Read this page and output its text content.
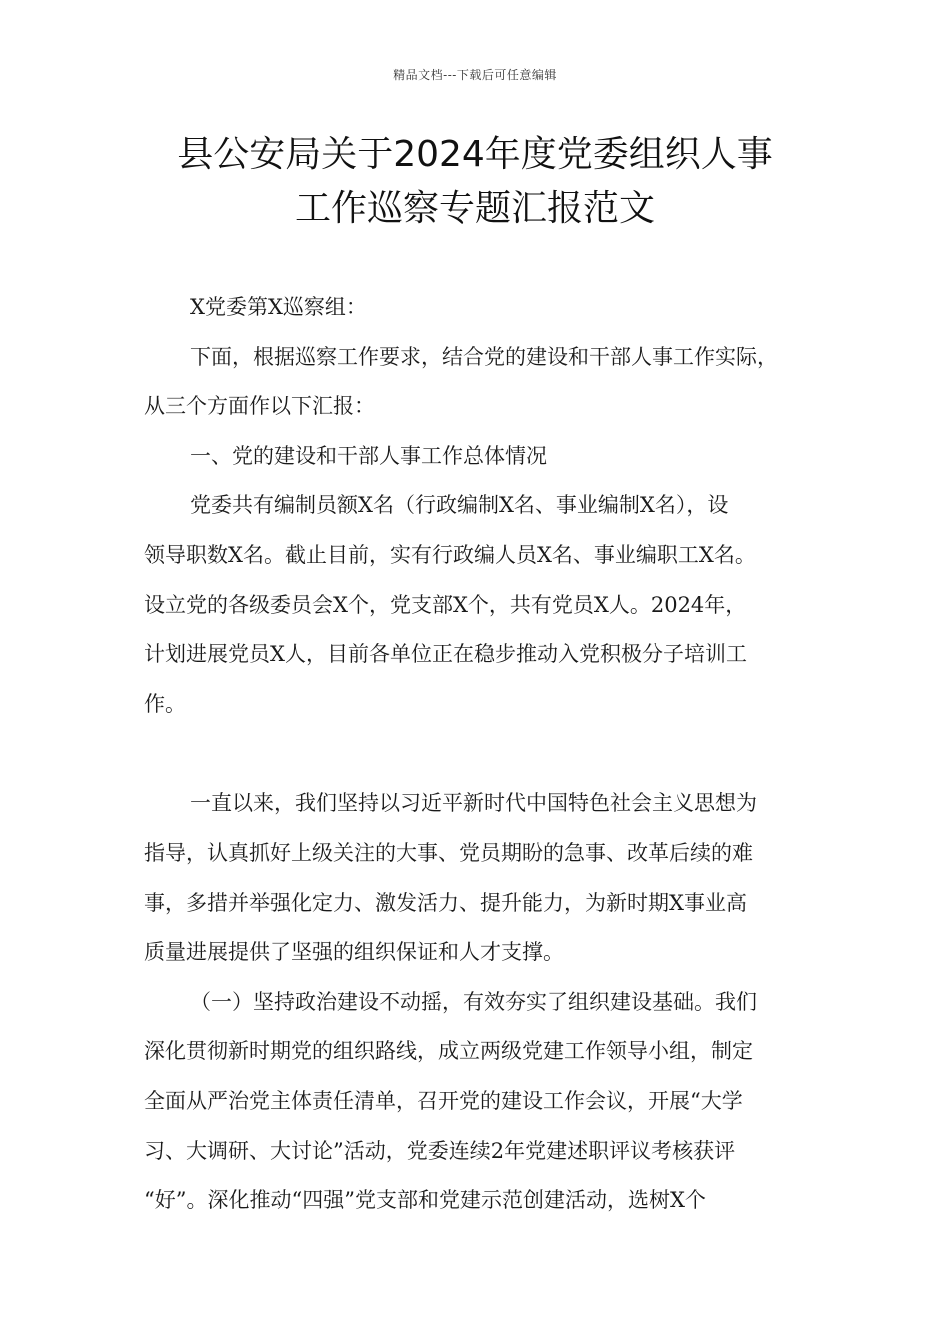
精品文档---下载后可任意编辑
县公安局关于2024年度党委组织人事
工作巡察专题汇报范文

X党委第X巡察组：

下面，根据巡察工作要求，结合党的建设和干部人事工作实际，
从三个方面作以下汇报：

一、党的建设和干部人事工作总体情况

党委共有编制员额X名（行政编制X名、事业编制X名），设
领导职数X名。截止目前，实有行政编人员X名、事业编职工X名。
设立党的各级委员会X个，党支部X个，共有党员X人。2024年，
计划进展党员X人，目前各单位正在稳步推动入党积极分子培训工
作。

一直以来，我们坚持以习近平新时代中国特色社会主义思想为
指导，认真抓好上级关注的大事、党员期盼的急事、改革后续的难
事，多措并举强化定力、激发活力、提升能力，为新时期X事业高
质量进展提供了坚强的组织保证和人才支撑。

（一）坚持政治建设不动摇，有效夯实了组织建设基础。我们
深化贯彻新时期党的组织路线，成立两级党建工作领导小组，制定
全面从严治党主体责任清单，召开党的建设工作会议，开展“大学
习、大调研、大讨论”活动，党委连续2年党建述职评议考核获评
“好”。深化推动“四强”党支部和党建示范创建活动，选树X个
